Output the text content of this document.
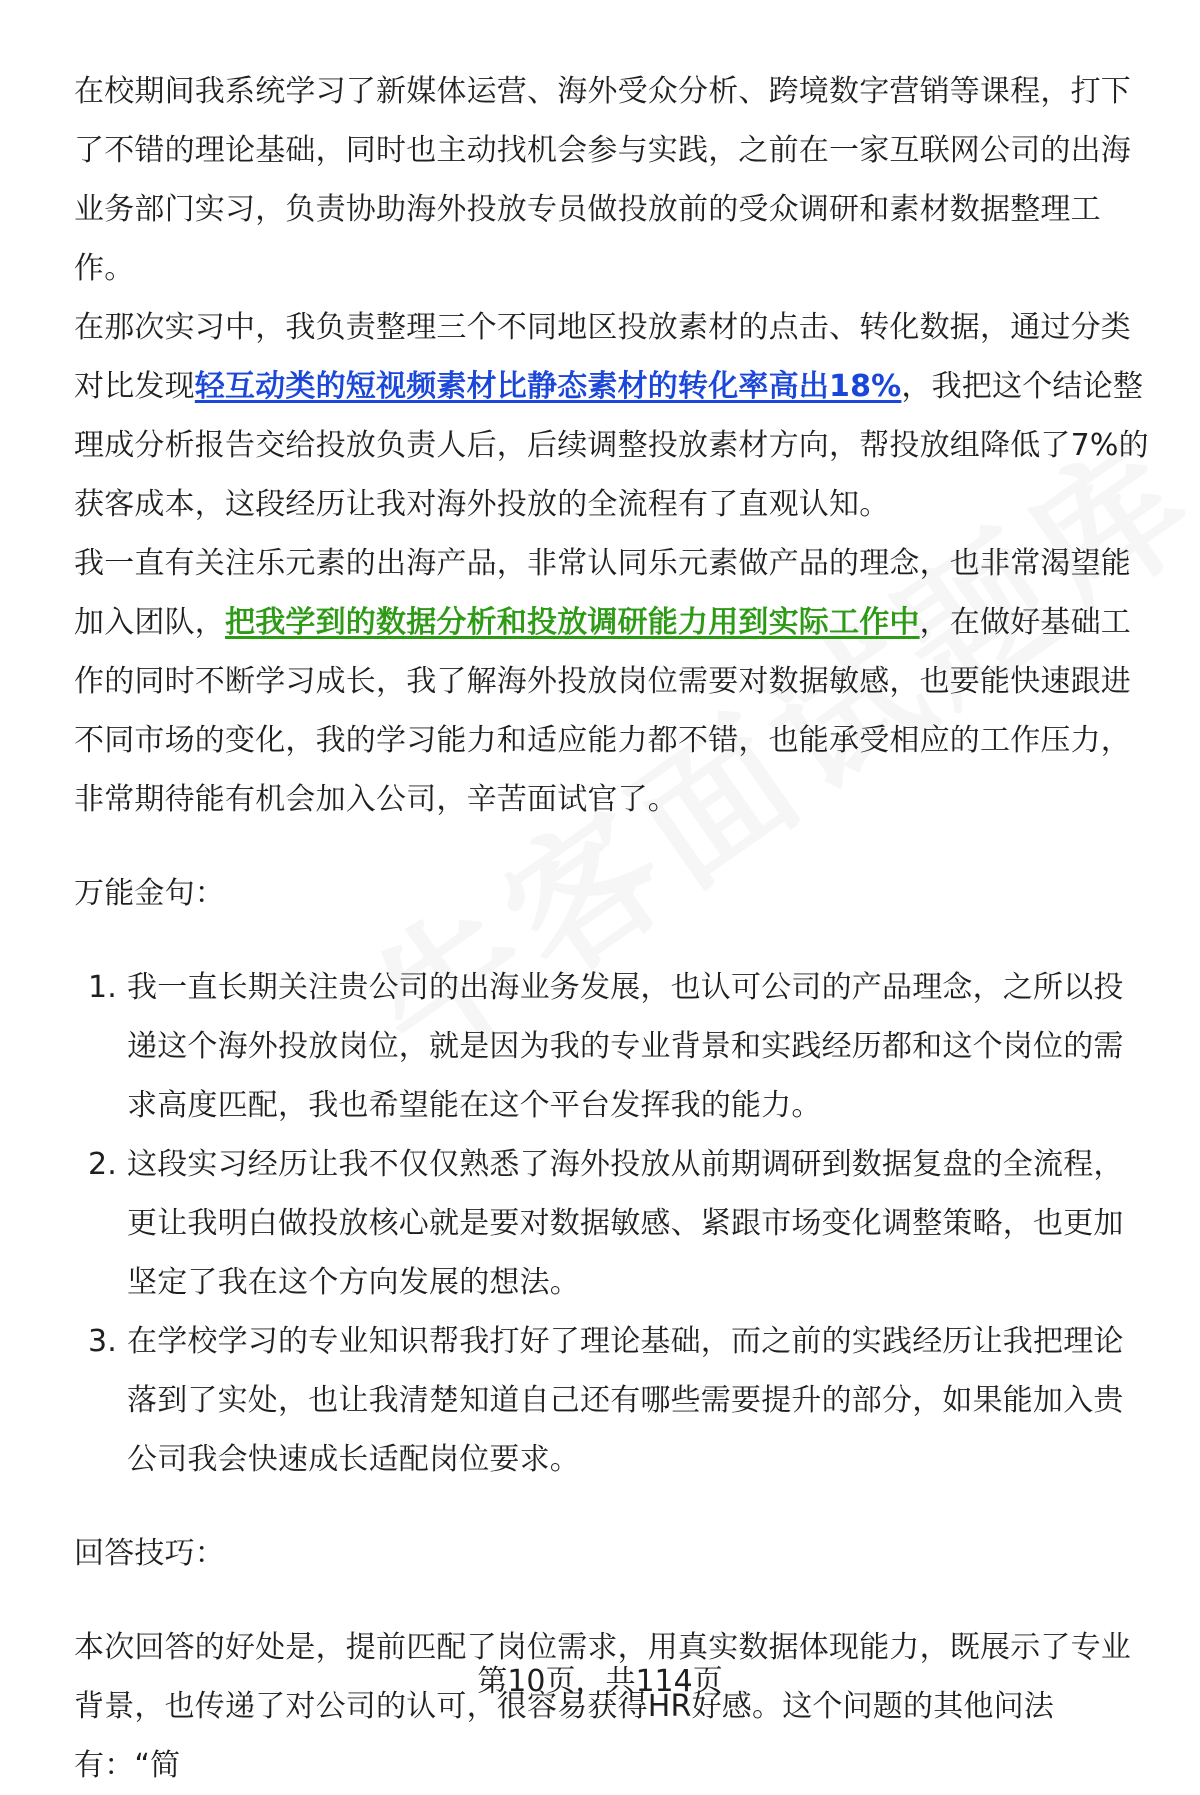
在校期间我系统学习了新媒体运营、海外受众分析、跨境数字营销等课程，打下了不错的理论基础，同时也主动找机会参与实践，之前在一家互联网公司的出海业务部门实习，负责协助海外投放专员做投放前的受众调研和素材数据整理工作。

在那次实习中，我负责整理三个不同地区投放素材的点击、转化数据，通过分类对比发现轻互动类的短视频素材比静态素材的转化率高出18%，我把这个结论整理成分析报告交给投放负责人后，后续调整投放素材方向，帮投放组降低了7%的获客成本，这段经历让我对海外投放的全流程有了直观认知。

我一直有关注乐元素的出海产品，非常认同乐元素做产品的理念，也非常渴望能加入团队，把我学到的数据分析和投放调研能力用到实际工作中，在做好基础工作的同时不断学习成长，我了解海外投放岗位需要对数据敏感，也要能快速跟进不同市场的变化，我的学习能力和适应能力都不错，也能承受相应的工作压力，非常期待能有机会加入公司，辛苦面试官了。

万能金句：

1. 我一直长期关注贵公司的出海业务发展，也认可公司的产品理念，之所以投递这个海外投放岗位，就是因为我的专业背景和实践经历都和这个岗位的需求高度匹配，我也希望能在这个平台发挥我的能力。
2. 这段实习经历让我不仅仅熟悉了海外投放从前期调研到数据复盘的全流程，更让我明白做投放核心就是要对数据敏感、紧跟市场变化调整策略，也更加坚定了我在这个方向发展的想法。
3. 在学校学习的专业知识帮我打好了理论基础，而之前的实践经历让我把理论落到了实处，也让我清楚知道自己还有哪些需要提升的部分，如果能加入贵公司我会快速成长适配岗位要求。

回答技巧：

本次回答的好处是，提前匹配了岗位需求，用真实数据体现能力，既展示了专业背景，也传递了对公司的认可，很容易获得HR好感。这个问题的其他问法有：“简

第10页，共114页
